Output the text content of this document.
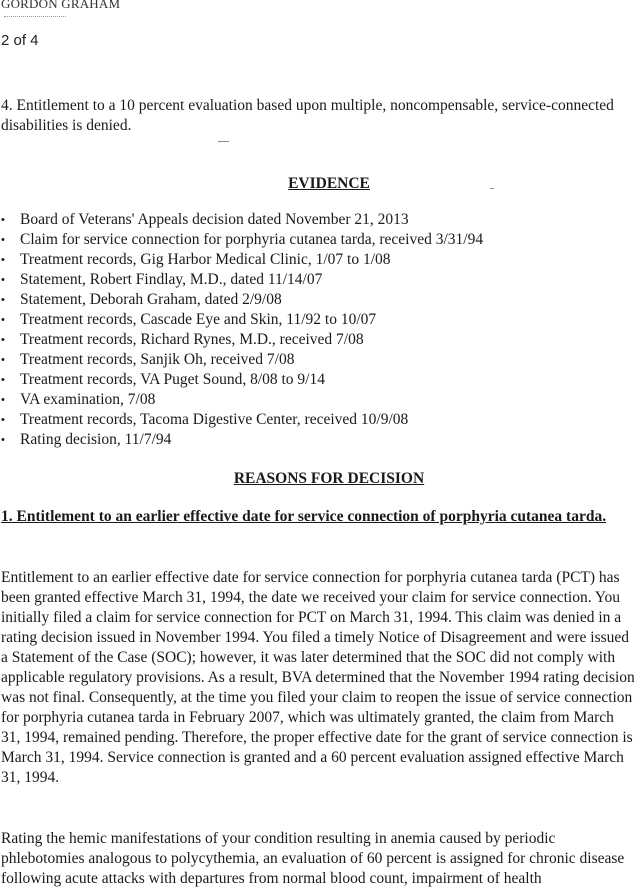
GORDON GRAHAM
2 of 4
4. Entitlement to a 10 percent evaluation based upon multiple, noncompensable, service-connected disabilities is denied.
EVIDENCE
• Board of Veterans' Appeals decision dated November 21, 2013
• Claim for service connection for porphyria cutanea tarda, received 3/31/94
• Treatment records, Gig Harbor Medical Clinic, 1/07 to 1/08
• Statement, Robert Findlay, M.D., dated 11/14/07
• Statement, Deborah Graham, dated 2/9/08
• Treatment records, Cascade Eye and Skin, 11/92 to 10/07
• Treatment records, Richard Rynes, M.D., received 7/08
• Treatment records, Sanjik Oh, received 7/08
• Treatment records, VA Puget Sound, 8/08 to 9/14
• VA examination, 7/08
• Treatment records, Tacoma Digestive Center, received 10/9/08
• Rating decision, 11/7/94
REASONS FOR DECISION
1. Entitlement to an earlier effective date for service connection of porphyria cutanea tarda.

Entitlement to an earlier effective date for service connection for porphyria cutanea tarda (PCT) has been granted effective March 31, 1994, the date we received your claim for service connection. You initially filed a claim for service connection for PCT on March 31, 1994. This claim was denied in a rating decision issued in November 1994. You filed a timely Notice of Disagreement and were issued a Statement of the Case (SOC); however, it was later determined that the SOC did not comply with applicable regulatory provisions. As a result, BVA determined that the November 1994 rating decision was not final. Consequently, at the time you filed your claim to reopen the issue of service connection for porphyria cutanea tarda in February 2007, which was ultimately granted, the claim from March 31, 1994, remained pending. Therefore, the proper effective date for the grant of service connection is March 31, 1994. Service connection is granted and a 60 percent evaluation assigned effective March 31, 1994.

Rating the hemic manifestations of your condition resulting in anemia caused by periodic phlebotomies analogous to polycythemia, an evaluation of 60 percent is assigned for chronic disease following acute attacks with departures from normal blood count, impairment of health
